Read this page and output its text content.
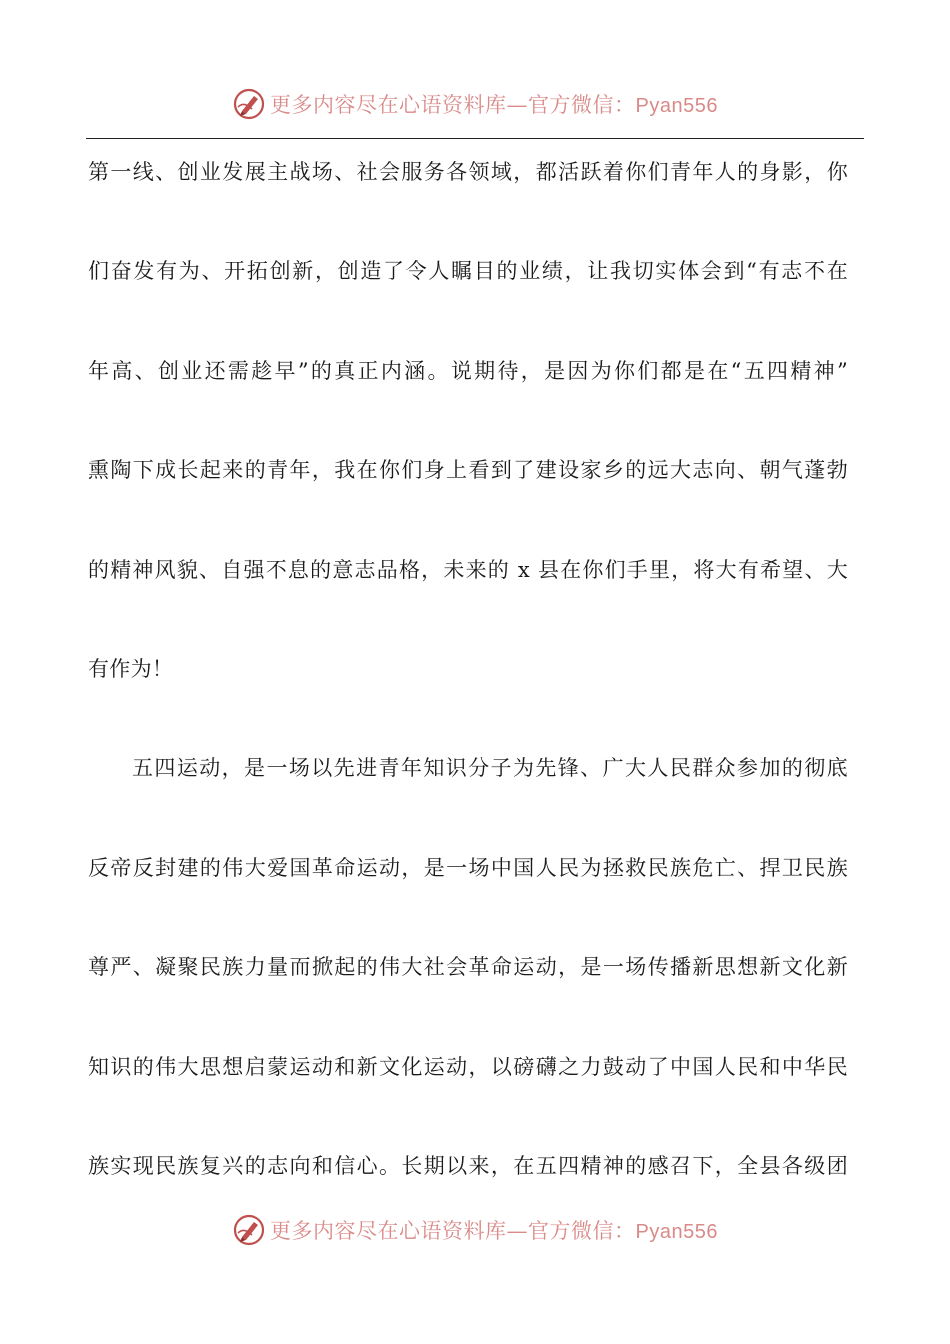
更多内容尽在心语资料库—官方微信：Pyan556
第一线、创业发展主战场、社会服务各领域，都活跃着你们青年人的身影，你
们奋发有为、开拓创新，创造了令人瞩目的业绩，让我切实体会到“有志不在
年高、创业还需趁早”的真正内涵。说期待，是因为你们都是在“五四精神”
熏陶下成长起来的青年，我在你们身上看到了建设家乡的远大志向、朝气蓬勃
的精神风貌、自强不息的意志品格，未来的 x 县在你们手里，将大有希望、大
有作为！
五四运动，是一场以先进青年知识分子为先锋、广大人民群众参加的彻底
反帝反封建的伟大爱国革命运动，是一场中国人民为拯救民族危亡、捍卫民族
尊严、凝聚民族力量而掀起的伟大社会革命运动，是一场传播新思想新文化新
知识的伟大思想启蒙运动和新文化运动，以磅礴之力鼓动了中国人民和中华民
族实现民族复兴的志向和信心。长期以来，在五四精神的感召下，全县各级团
更多内容尽在心语资料库—官方微信：Pyan556
